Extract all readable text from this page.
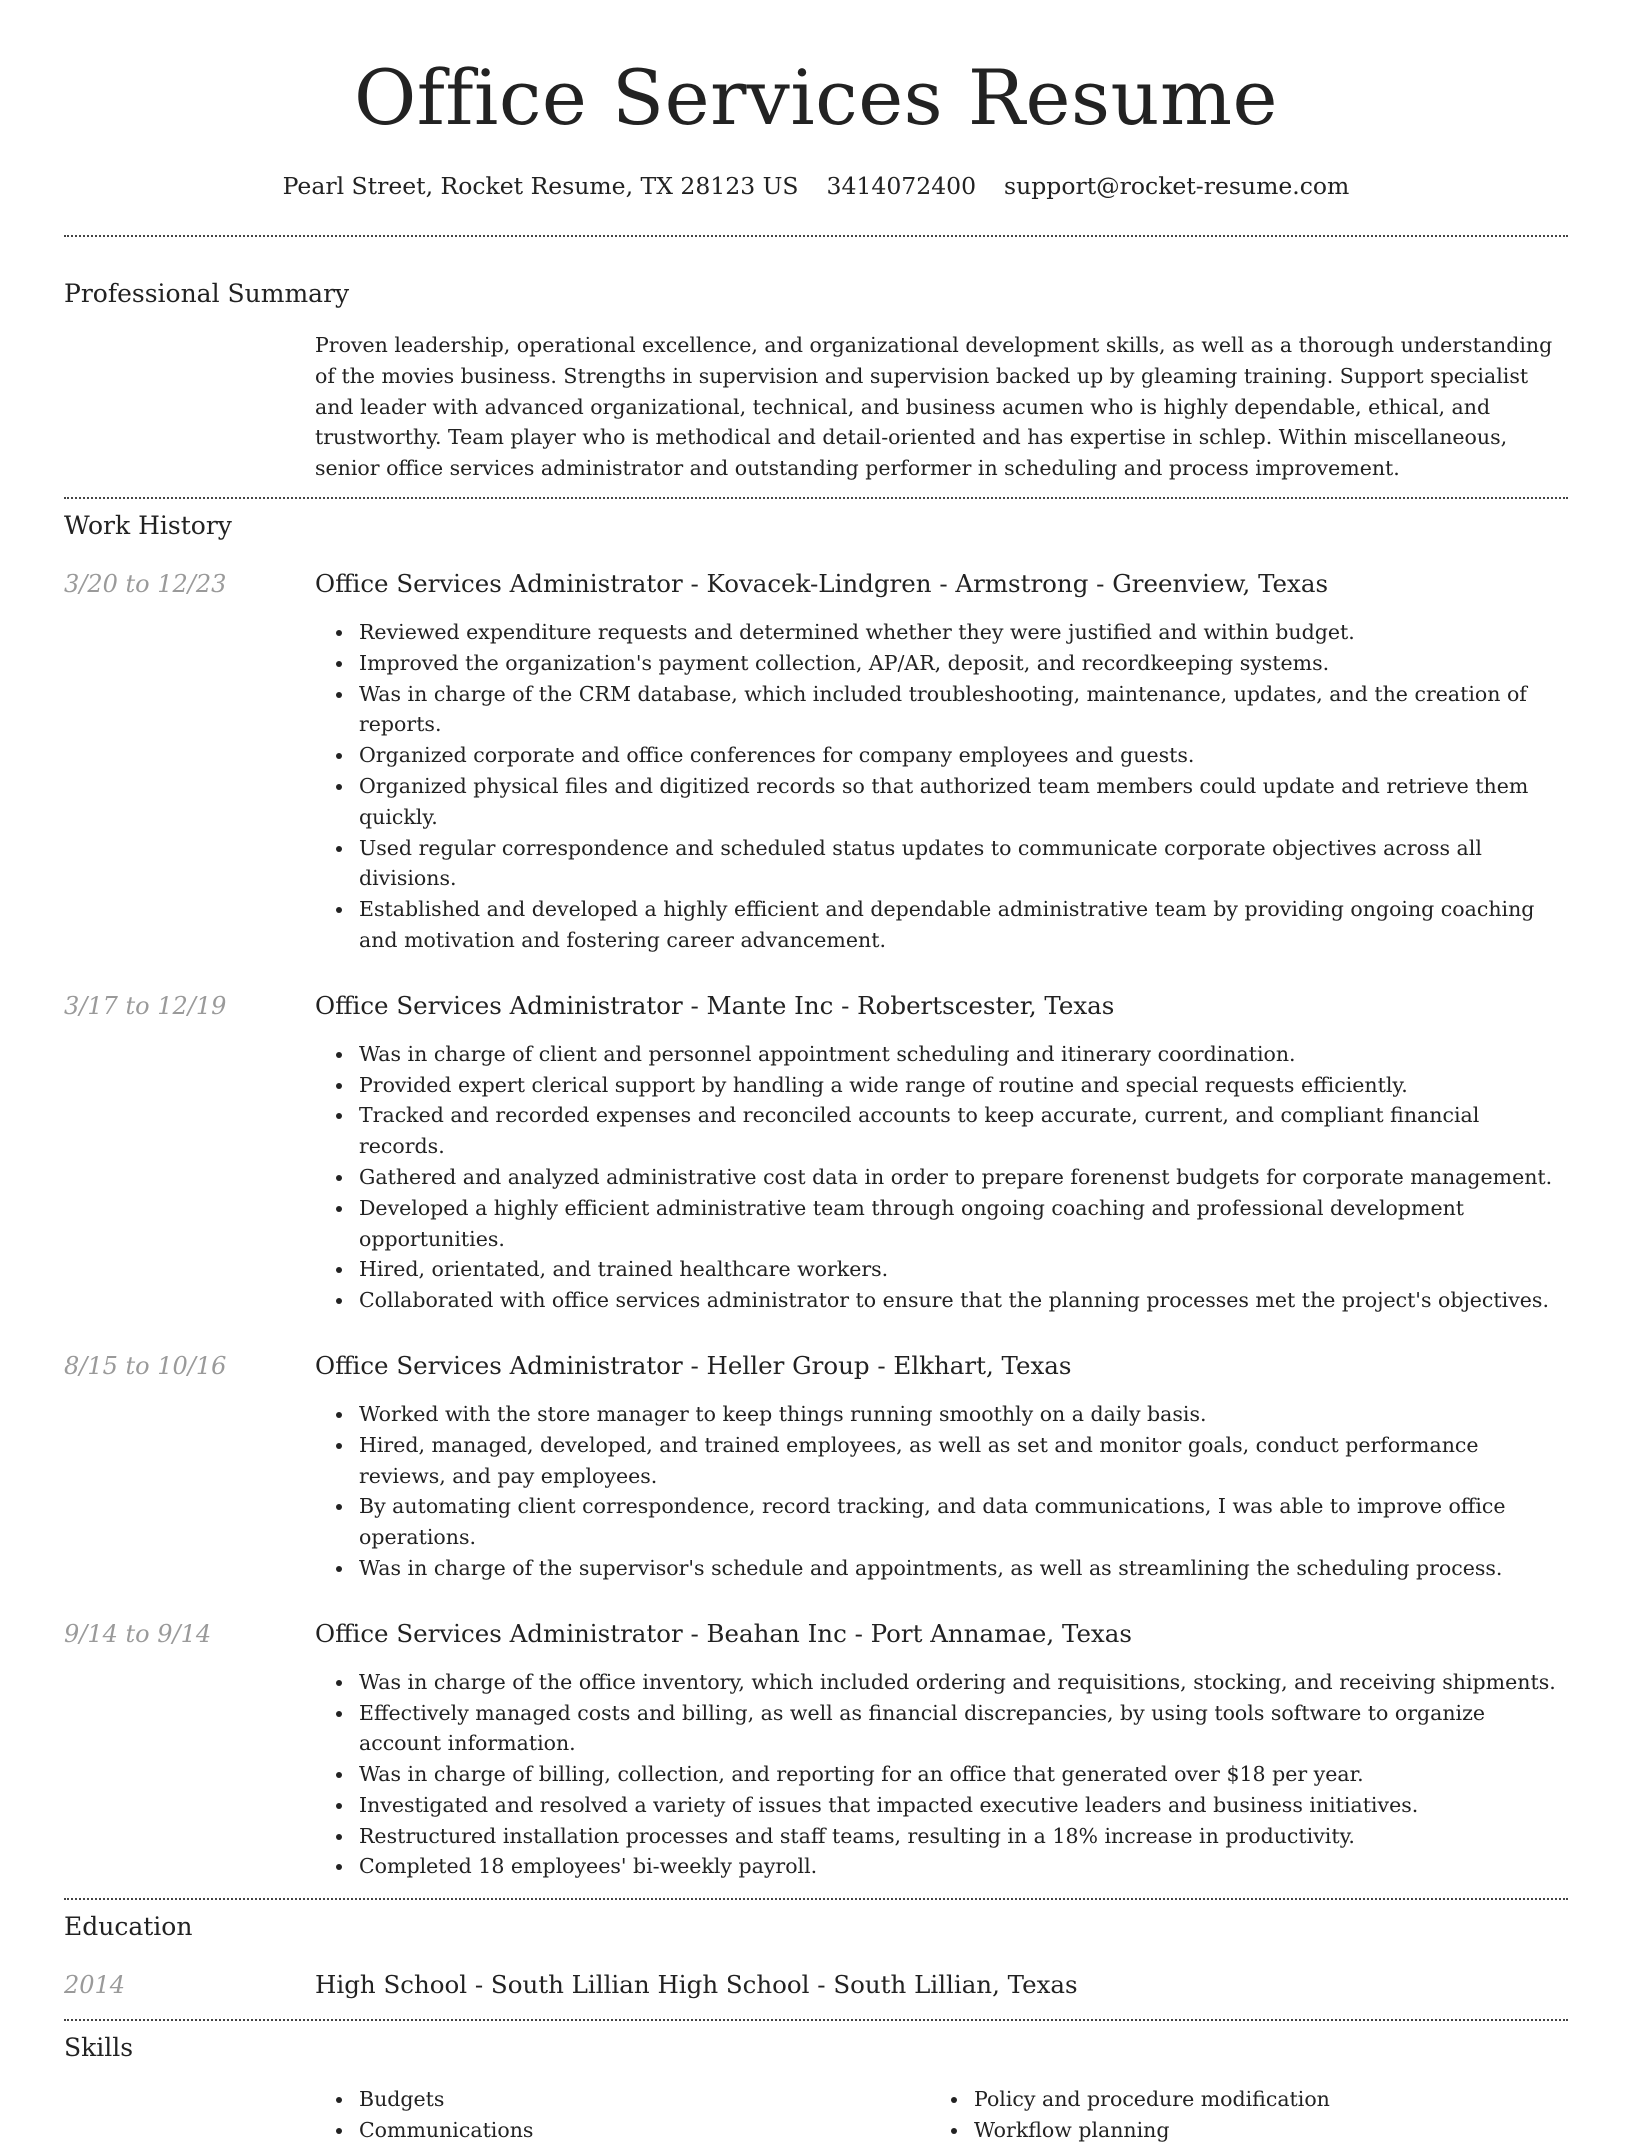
Office Services Resume
Pearl Street, Rocket Resume, TX 28123 US 3414072400 support@rocket-resume.com
Professional Summary

Proven leadership, operational excellence, and organizational development skills, as well as a thorough understanding of the movies business. Strengths in supervision and supervision backed up by gleaming training. Support specialist and leader with advanced organizational, technical, and business acumen who is highly dependable, ethical, and trustworthy. Team player who is methodical and detail-oriented and has expertise in schlep. Within miscellaneous, senior office services administrator and outstanding performer in scheduling and process improvement.

Work History
3/20 to 12/23	Office Services Administrator - Kovacek-Lindgren - Armstrong - Greenview, Texas
Reviewed expenditure requests and determined whether they were justified and within budget.
Improved the organization's payment collection, AP/AR, deposit, and recordkeeping systems.
Was in charge of the CRM database, which included troubleshooting, maintenance, updates, and the creation of reports.
Organized corporate and office conferences for company employees and guests.
Organized physical files and digitized records so that authorized team members could update and retrieve them quickly.
Used regular correspondence and scheduled status updates to communicate corporate objectives across all divisions.
Established and developed a highly efficient and dependable administrative team by providing ongoing coaching and motivation and fostering career advancement.
3/17 to 12/19	Office Services Administrator - Mante Inc - Robertscester, Texas
Was in charge of client and personnel appointment scheduling and itinerary coordination.
Provided expert clerical support by handling a wide range of routine and special requests efficiently.
Tracked and recorded expenses and reconciled accounts to keep accurate, current, and compliant financial records.
Gathered and analyzed administrative cost data in order to prepare forenenst budgets for corporate management.
Developed a highly efficient administrative team through ongoing coaching and professional development opportunities.
Hired, orientated, and trained healthcare workers.
Collaborated with office services administrator to ensure that the planning processes met the project's objectives.
8/15 to 10/16	Office Services Administrator - Heller Group - Elkhart, Texas
Worked with the store manager to keep things running smoothly on a daily basis.
Hired, managed, developed, and trained employees, as well as set and monitor goals, conduct performance reviews, and pay employees.
By automating client correspondence, record tracking, and data communications, I was able to improve office operations.
Was in charge of the supervisor's schedule and appointments, as well as streamlining the scheduling process.
9/14 to 9/14	Office Services Administrator - Beahan Inc - Port Annamae, Texas
Was in charge of the office inventory, which included ordering and requisitions, stocking, and receiving shipments.
Effectively managed costs and billing, as well as financial discrepancies, by using tools software to organize account information.
Was in charge of billing, collection, and reporting for an office that generated over $18 per year.
Investigated and resolved a variety of issues that impacted executive leaders and business initiatives.
Restructured installation processes and staff teams, resulting in a 18% increase in productivity.
Completed 18 employees' bi-weekly payroll.
Education
2014	High School - South Lillian High School - South Lillian, Texas
Skills
Budgets
Communications
Policy and procedure modification
Workflow planning
